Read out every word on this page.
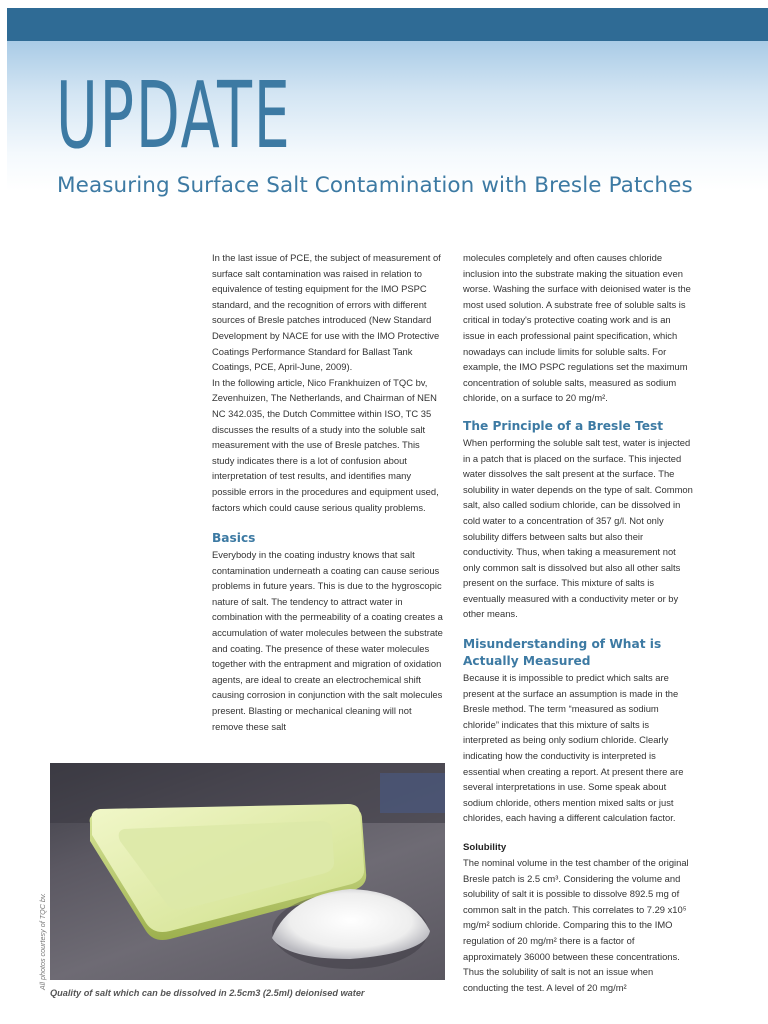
UPDATE
Measuring Surface Salt Contamination with Bresle Patches

In the last issue of PCE, the subject of measurement of surface salt contamination was raised in relation to equivalence of testing equipment for the IMO PSPC standard, and the recognition of errors with different sources of Bresle patches introduced (New Standard Development by NACE for use with the IMO Protective Coatings Performance Standard for Ballast Tank Coatings, PCE, April-June, 2009).

In the following article, Nico Frankhuizen of TQC bv, Zevenhuizen, The Netherlands, and Chairman of NEN NC 342.035, the Dutch Committee within ISO, TC 35 discusses the results of a study into the soluble salt measurement with the use of Bresle patches. This study indicates there is a lot of confusion about interpretation of test results, and identifies many possible errors in the procedures and equipment used, factors which could cause serious quality problems.

Basics

Everybody in the coating industry knows that salt contamination underneath a coating can cause serious problems in future years. This is due to the hygroscopic nature of salt. The tendency to attract water in combination with the permeability of a coating creates a accumulation of water molecules between the substrate and coating. The presence of these water molecules together with the entrapment and migration of oxidation agents, are ideal to create an electrochemical shift causing corrosion in conjunction with the salt molecules present. Blasting or mechanical cleaning will not remove these salt

molecules completely and often causes chloride inclusion into the substrate making the situation even worse. Washing the surface with deionised water is the most used solution. A substrate free of soluble salts is critical in today's protective coating work and is an issue in each professional paint specification, which nowadays can include limits for soluble salts. For example, the IMO PSPC regulations set the maximum concentration of soluble salts, measured as sodium chloride, on a surface to 20 mg/m².

The Principle of a Bresle Test

When performing the soluble salt test, water is injected in a patch that is placed on the surface. This injected water dissolves the salt present at the surface. The solubility in water depends on the type of salt. Common salt, also called sodium chloride, can be dissolved in cold water to a concentration of 357 g/l. Not only solubility differs between salts but also their conductivity. Thus, when taking a measurement not only common salt is dissolved but also all other salts present on the surface. This mixture of salts is eventually measured with a conductivity meter or by other means.

Misunderstanding of What is Actually Measured

Because it is impossible to predict which salts are present at the surface an assumption is made in the Bresle method. The term “measured as sodium chloride” indicates that this mixture of salts is interpreted as being only sodium chloride. Clearly indicating how the conductivity is interpreted is essential when creating a report. At present there are several interpretations in use. Some speak about sodium chloride, others mention mixed salts or just chlorides, each having a different calculation factor.

Solubility

The nominal volume in the test chamber of the original Bresle patch is 2.5 cm³. Considering the volume and solubility of salt it is possible to dissolve 892.5 mg of common salt in the patch. This correlates to 7.29 x10⁵ mg/m² sodium chloride. Comparing this to the IMO regulation of 20 mg/m² there is a factor of approximately 36000 between these concentrations. Thus the solubility of salt is not an issue when conducting the test. A level of 20 mg/m²

Quality of salt which can be dissolved in 2.5cm3 (2.5ml) deionised water

All photos courtesy of TQC bv.
